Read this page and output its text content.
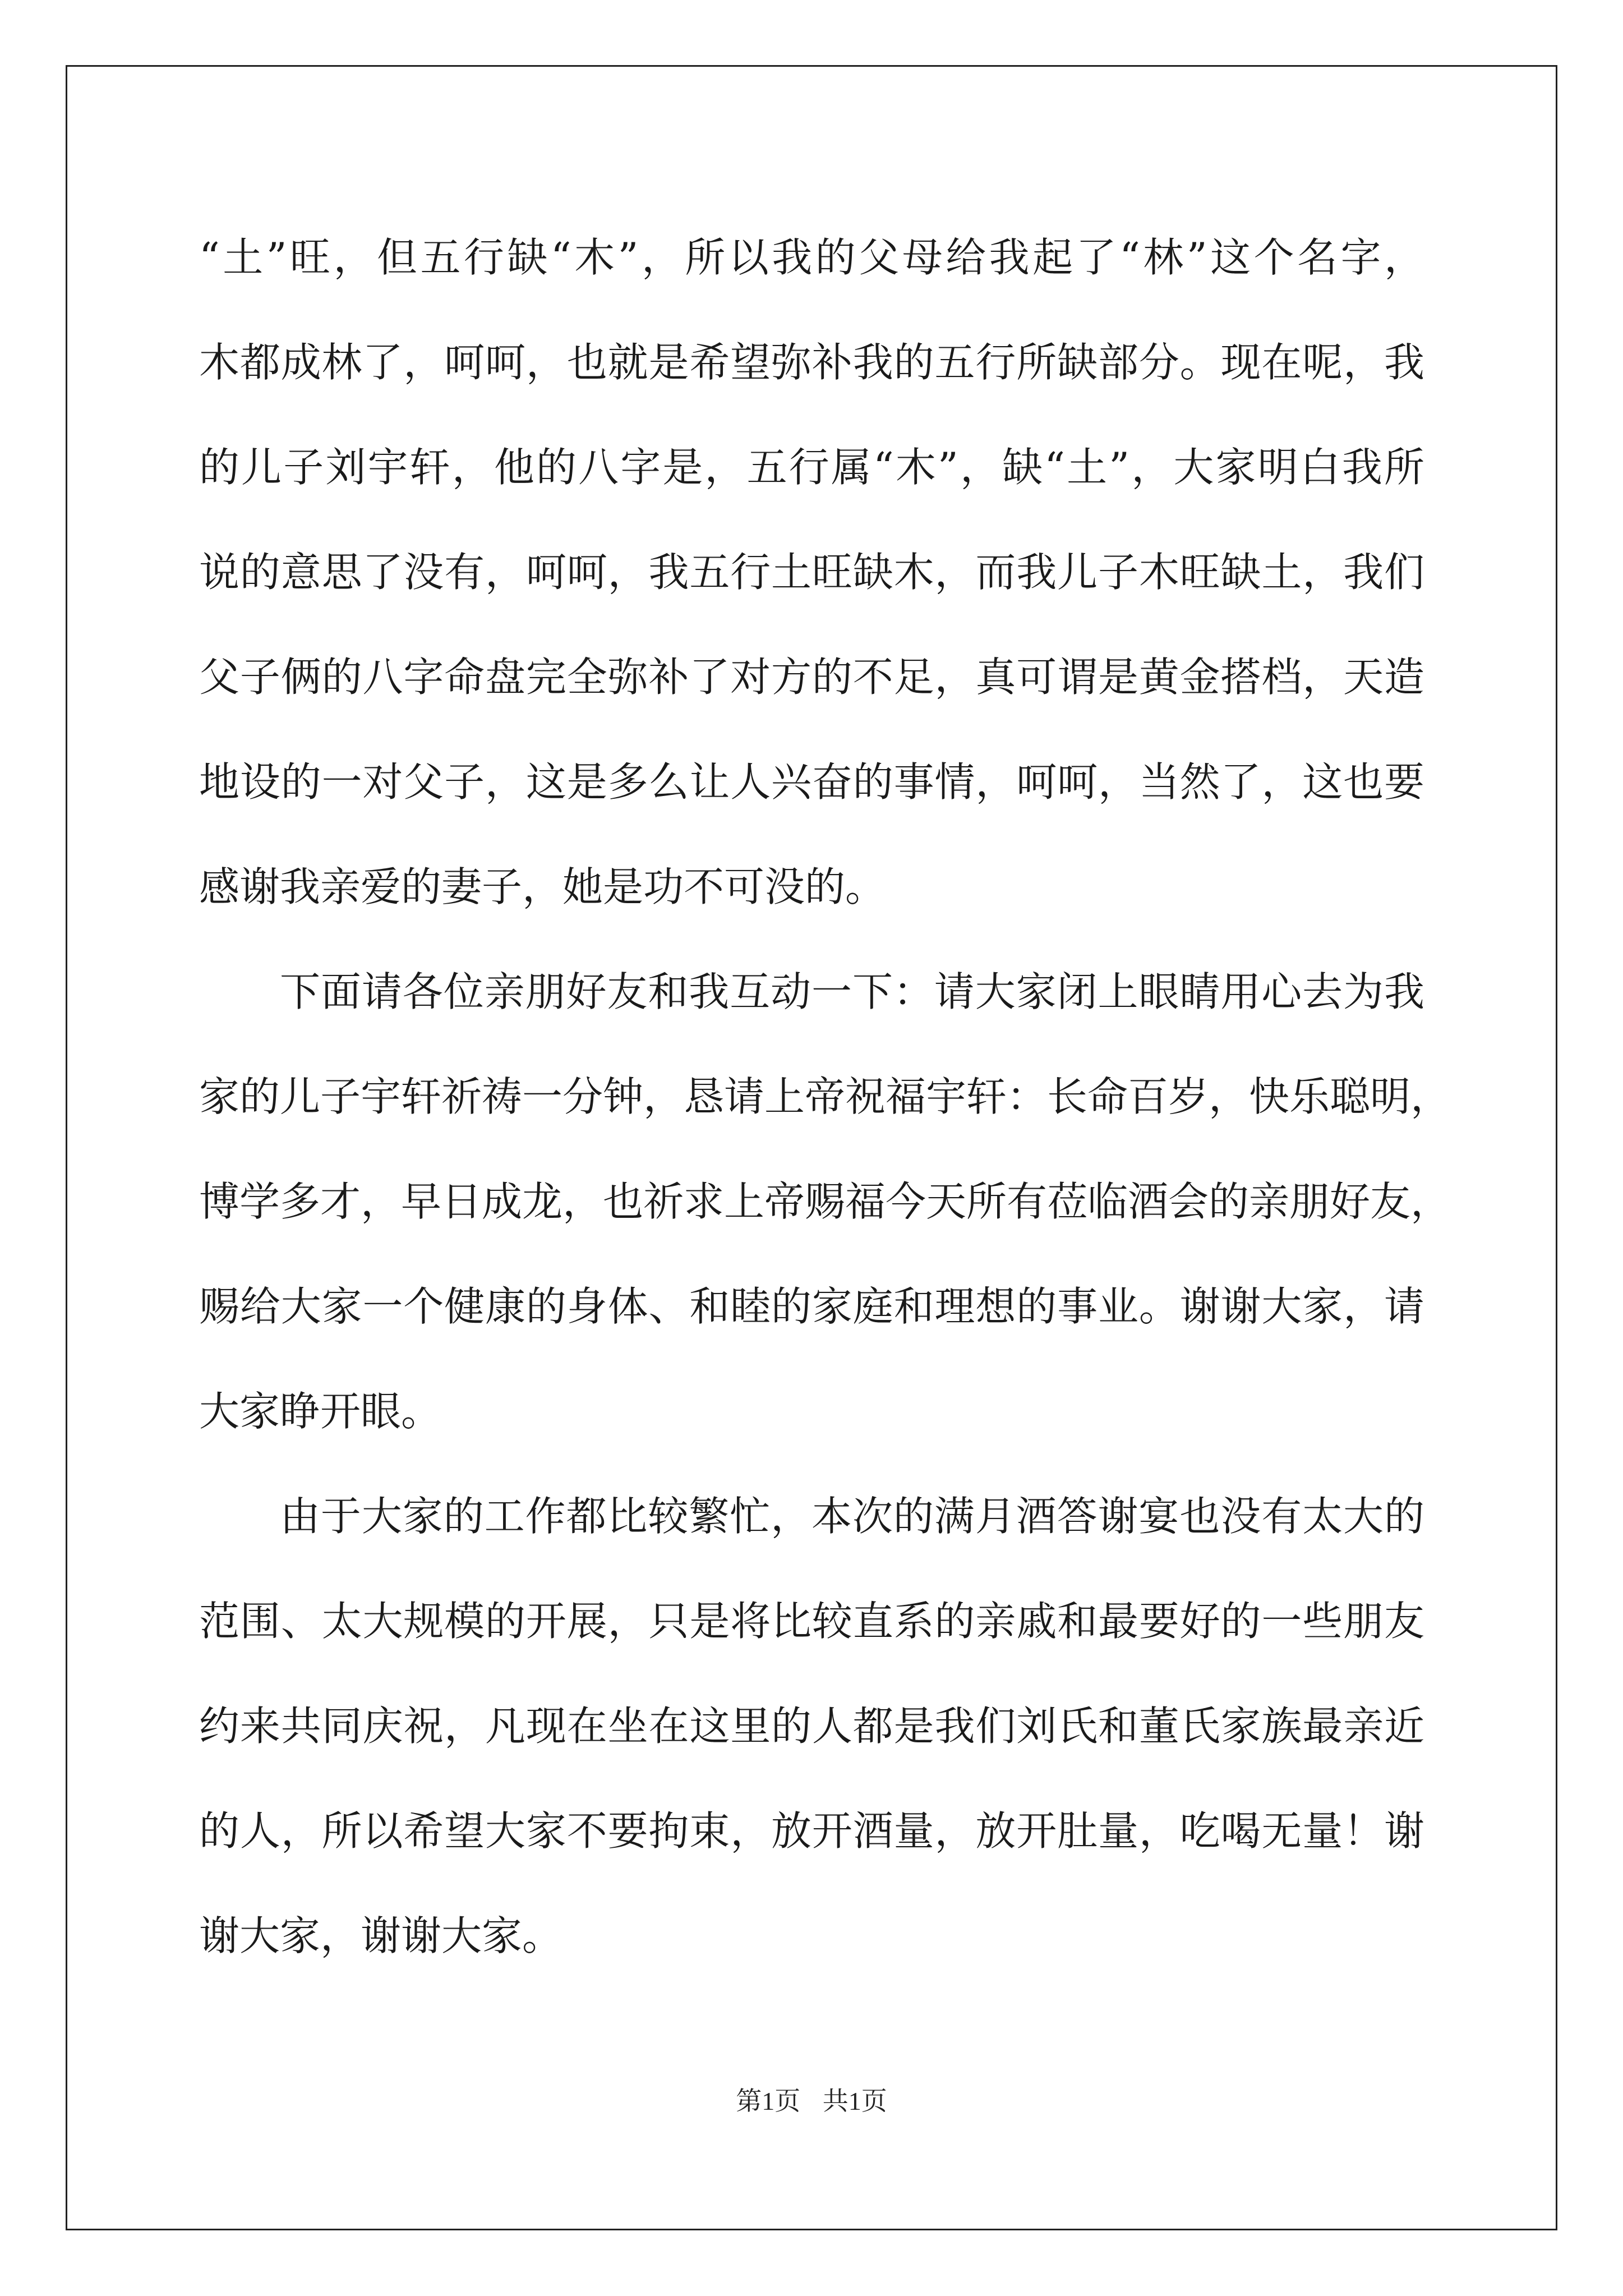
“土”旺，但五行缺“木”，所以我的父母给我起了“林”这个名字，
木都成林了，呵呵，也就是希望弥补我的五行所缺部分。现在呢，我
的儿子刘宇轩，他的八字是，五行属“木”，缺“土”，大家明白我所
说的意思了没有，呵呵，我五行土旺缺木，而我儿子木旺缺土，我们
父子俩的八字命盘完全弥补了对方的不足，真可谓是黄金搭档，天造
地设的一对父子，这是多么让人兴奋的事情，呵呵，当然了，这也要
感谢我亲爱的妻子，她是功不可没的。
下面请各位亲朋好友和我互动一下：请大家闭上眼睛用心去为我
家的儿子宇轩祈祷一分钟，恳请上帝祝福宇轩：长命百岁，快乐聪明，
博学多才，早日成龙，也祈求上帝赐福今天所有莅临酒会的亲朋好友，
赐给大家一个健康的身体、和睦的家庭和理想的事业。谢谢大家，请
大家睁开眼。
由于大家的工作都比较繁忙，本次的满月酒答谢宴也没有太大的
范围、太大规模的开展，只是将比较直系的亲戚和最要好的一些朋友
约来共同庆祝，凡现在坐在这里的人都是我们刘氏和董氏家族最亲近
的人，所以希望大家不要拘束，放开酒量，放开肚量，吃喝无量！谢
谢大家，谢谢大家。
第1页 共1页
